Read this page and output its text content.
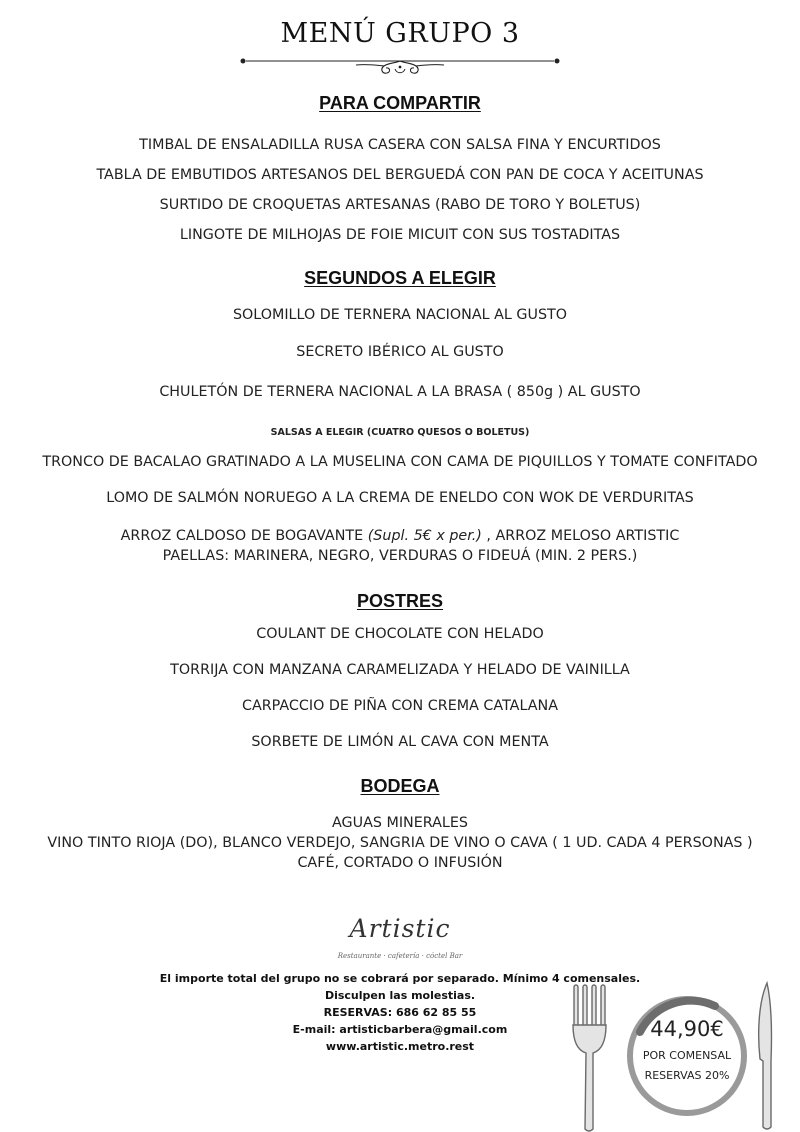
MENÚ GRUPO 3
PARA COMPARTIR
TIMBAL DE ENSALADILLA RUSA CASERA CON SALSA FINA Y ENCURTIDOS
TABLA DE EMBUTIDOS ARTESANOS DEL BERGUEDÁ CON PAN DE COCA Y ACEITUNAS
SURTIDO DE CROQUETAS ARTESANAS (RABO DE TORO Y BOLETUS)
LINGOTE DE MILHOJAS DE FOIE MICUIT CON SUS TOSTADITAS
SEGUNDOS A ELEGIR
SOLOMILLO DE TERNERA NACIONAL AL GUSTO
SECRETO IBÉRICO AL GUSTO
CHULETÓN DE TERNERA NACIONAL A LA BRASA ( 850g ) AL GUSTO
SALSAS A ELEGIR (CUATRO QUESOS O BOLETUS)
TRONCO DE BACALAO GRATINADO A LA MUSELINA CON CAMA DE PIQUILLOS Y TOMATE CONFITADO
LOMO DE SALMÓN NORUEGO A LA CREMA DE ENELDO CON WOK DE VERDURITAS
ARROZ CALDOSO DE BOGAVANTE (Supl. 5€ x per.) , ARROZ MELOSO ARTISTIC
PAELLAS: MARINERA, NEGRO, VERDURAS O FIDEUÁ (MIN. 2 PERS.)
POSTRES
COULANT DE CHOCOLATE CON HELADO
TORRIJA CON MANZANA CARAMELIZADA Y HELADO DE VAINILLA
CARPACCIO DE PIÑA CON CREMA CATALANA
SORBETE DE LIMÓN AL CAVA CON MENTA
BODEGA
AGUAS MINERALES
VINO TINTO RIOJA (DO), BLANCO VERDEJO, SANGRIA DE VINO O CAVA ( 1 UD. CADA 4 PERSONAS )
CAFÉ, CORTADO O INFUSIÓN
Artistic
Restaurante · cafetería · cóctel Bar
El importe total del grupo no se cobrará por separado. Mínimo 4 comensales.
Disculpen las molestias.
RESERVAS: 686 62 85 55
E-mail: artisticbarbera@gmail.com
www.artistic.metro.rest
44,90€
POR COMENSAL
RESERVAS 20%
